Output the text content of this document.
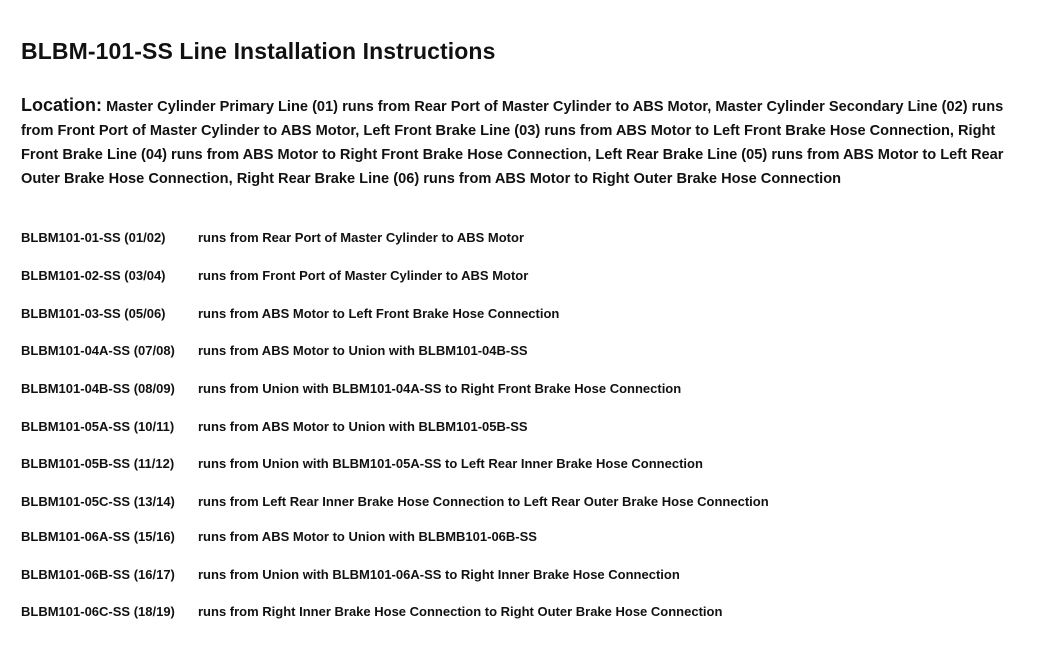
BLBM-101-SS Line Installation Instructions
Location: Master Cylinder Primary Line (01) runs from Rear Port of Master Cylinder to ABS Motor, Master Cylinder Secondary Line (02) runs from Front Port of Master Cylinder to ABS Motor, Left Front Brake Line (03) runs from ABS Motor to Left Front Brake Hose Connection, Right Front Brake Line (04) runs from ABS Motor to Right Front Brake Hose Connection, Left Rear Brake Line (05) runs from ABS Motor to Left Rear Outer Brake Hose Connection, Right Rear Brake Line (06) runs from ABS Motor to Right Outer Brake Hose Connection
BLBM101-01-SS (01/02)	runs from Rear Port of Master Cylinder to ABS Motor
BLBM101-02-SS (03/04)	runs from Front Port of Master Cylinder to ABS Motor
BLBM101-03-SS (05/06)	runs from ABS Motor to Left Front Brake Hose Connection
BLBM101-04A-SS (07/08) runs from ABS Motor to Union with BLBM101-04B-SS
BLBM101-04B-SS (08/09) runs from Union with BLBM101-04A-SS to Right Front Brake Hose Connection
BLBM101-05A-SS (10/11) runs from ABS Motor to Union with BLBM101-05B-SS
BLBM101-05B-SS (11/12) runs from Union with BLBM101-05A-SS to Left Rear Inner Brake Hose Connection
BLBM101-05C-SS (13/14) runs from Left Rear Inner Brake Hose Connection to Left Rear Outer Brake Hose Connection
BLBM101-06A-SS (15/16) runs from ABS Motor to Union with BLBMB101-06B-SS
BLBM101-06B-SS (16/17) runs from Union with BLBM101-06A-SS to Right Inner Brake Hose Connection
BLBM101-06C-SS (18/19) runs from Right Inner Brake Hose Connection to Right Outer Brake Hose Connection
